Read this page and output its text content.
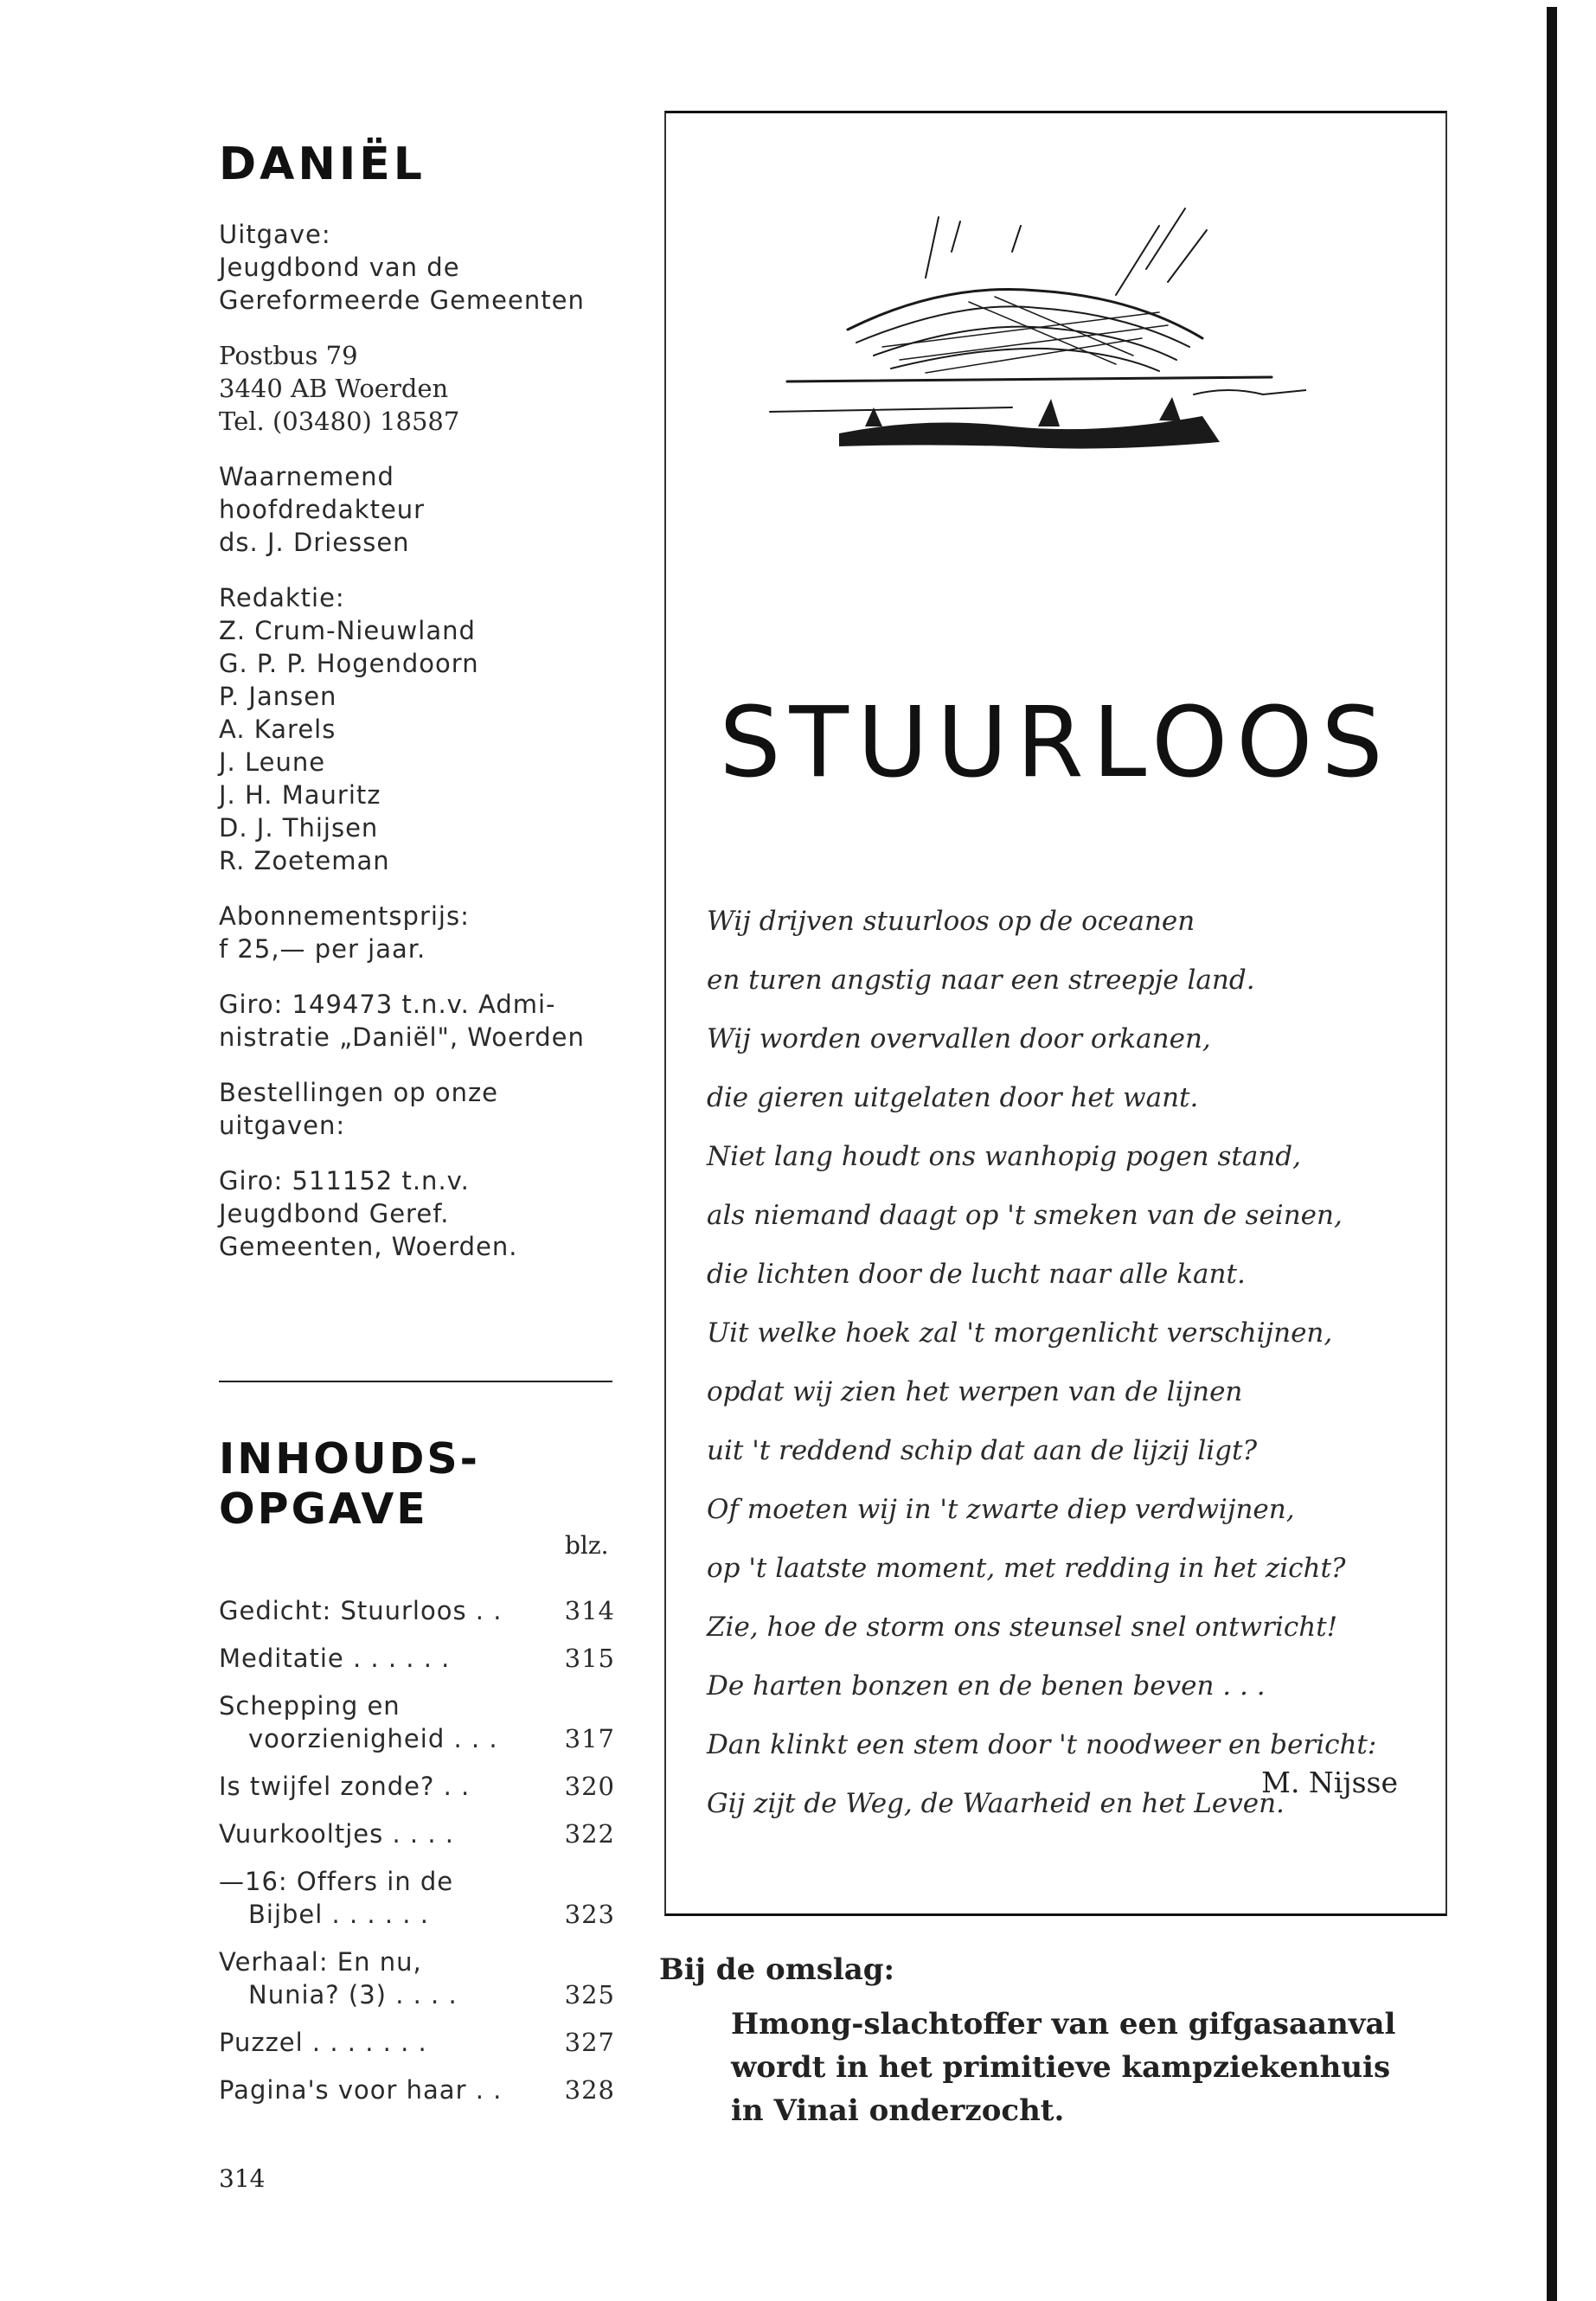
DANIËL
Uitgave:
Jeugdbond van de
Gereformeerde Gemeenten
Postbus 79
3440 AB Woerden
Tel. (03480) 18587
Waarnemend
hoofdredakteur
ds. J. Driessen
Redaktie:
Z. Crum-Nieuwland
G. P. P. Hogendoorn
P. Jansen
A. Karels
J. Leune
J. H. Mauritz
D. J. Thijsen
R. Zoeteman
Abonnementsprijs:
f 25,— per jaar.
Giro: 149473 t.n.v. Admi-
nistratie „Daniël", Woerden
Bestellingen op onze
uitgaven:
Giro: 511152 t.n.v.
Jeugdbond Geref.
Gemeenten, Woerden.
INHOUDS-
OPGAVE
blz.
Gedicht: Stuurloos . .	314
Meditatie . . . . . .	315
Schepping en
voorzienigheid . . .	317
Is twijfel zonde? . .	320
Vuurkooltjes . . . .	322
—16: Offers in de
Bijbel . . . . . .	323
Verhaal: En nu,
Nunia? (3) . . . .	325
Puzzel . . . . . . .	327
Pagina's voor haar . .	328
314
STUURLOOS
Wij drijven stuurloos op de oceanen
en turen angstig naar een streepje land.
Wij worden overvallen door orkanen,
die gieren uitgelaten door het want.
Niet lang houdt ons wanhopig pogen stand,
als niemand daagt op 't smeken van de seinen,
die lichten door de lucht naar alle kant.
Uit welke hoek zal 't morgenlicht verschijnen,
opdat wij zien het werpen van de lijnen
uit 't reddend schip dat aan de lijzij ligt?
Of moeten wij in 't zwarte diep verdwijnen,
op 't laatste moment, met redding in het zicht?
Zie, hoe de storm ons steunsel snel ontwricht!
De harten bonzen en de benen beven . . .
Dan klinkt een stem door 't noodweer en bericht:
Gij zijt de Weg, de Waarheid en het Leven.
M. Nijsse
Bij de omslag:
Hmong-slachtoffer van een gifgasaanval
wordt in het primitieve kampziekenhuis
in Vinai onderzocht.
